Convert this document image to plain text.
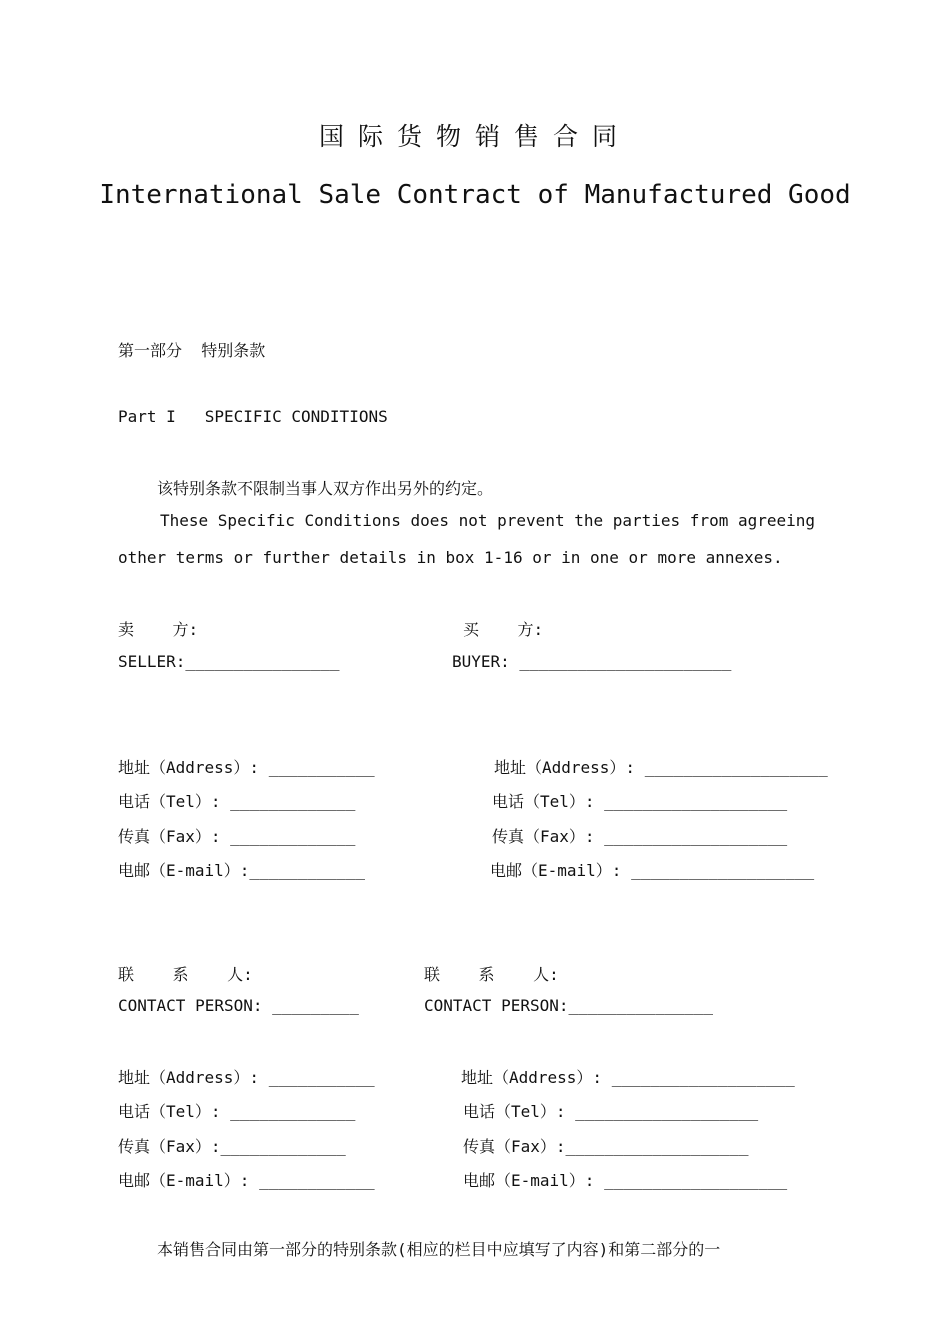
国际货物销售合同
International Sale Contract of Manufactured Good
第一部分  特别条款
Part I   SPECIFIC CONDITIONS
该特别条款不限制当事人双方作出另外的约定。
These Specific Conditions does not prevent the parties from agreeing
other terms or further details in box 1-16 or in one or more annexes.
卖    方:
SELLER:________________
买    方:
BUYER: ______________________
地址（Address）: ___________
电话（Tel）: _____________
传真（Fax）: _____________
电邮（E-mail）:____________
地址（Address）: ___________________
电话（Tel）: ___________________
传真（Fax）: ___________________
电邮（E-mail）: ___________________
联    系    人:
CONTACT PERSON: _________
联    系    人:
CONTACT PERSON:_______________
地址（Address）: ___________
电话（Tel）: _____________
传真（Fax）:_____________
电邮（E-mail）: ____________
地址（Address）: ___________________
电话（Tel）: ___________________
传真（Fax）:___________________
电邮（E-mail）: ___________________
本销售合同由第一部分的特别条款(相应的栏目中应填写了内容)和第二部分的一
